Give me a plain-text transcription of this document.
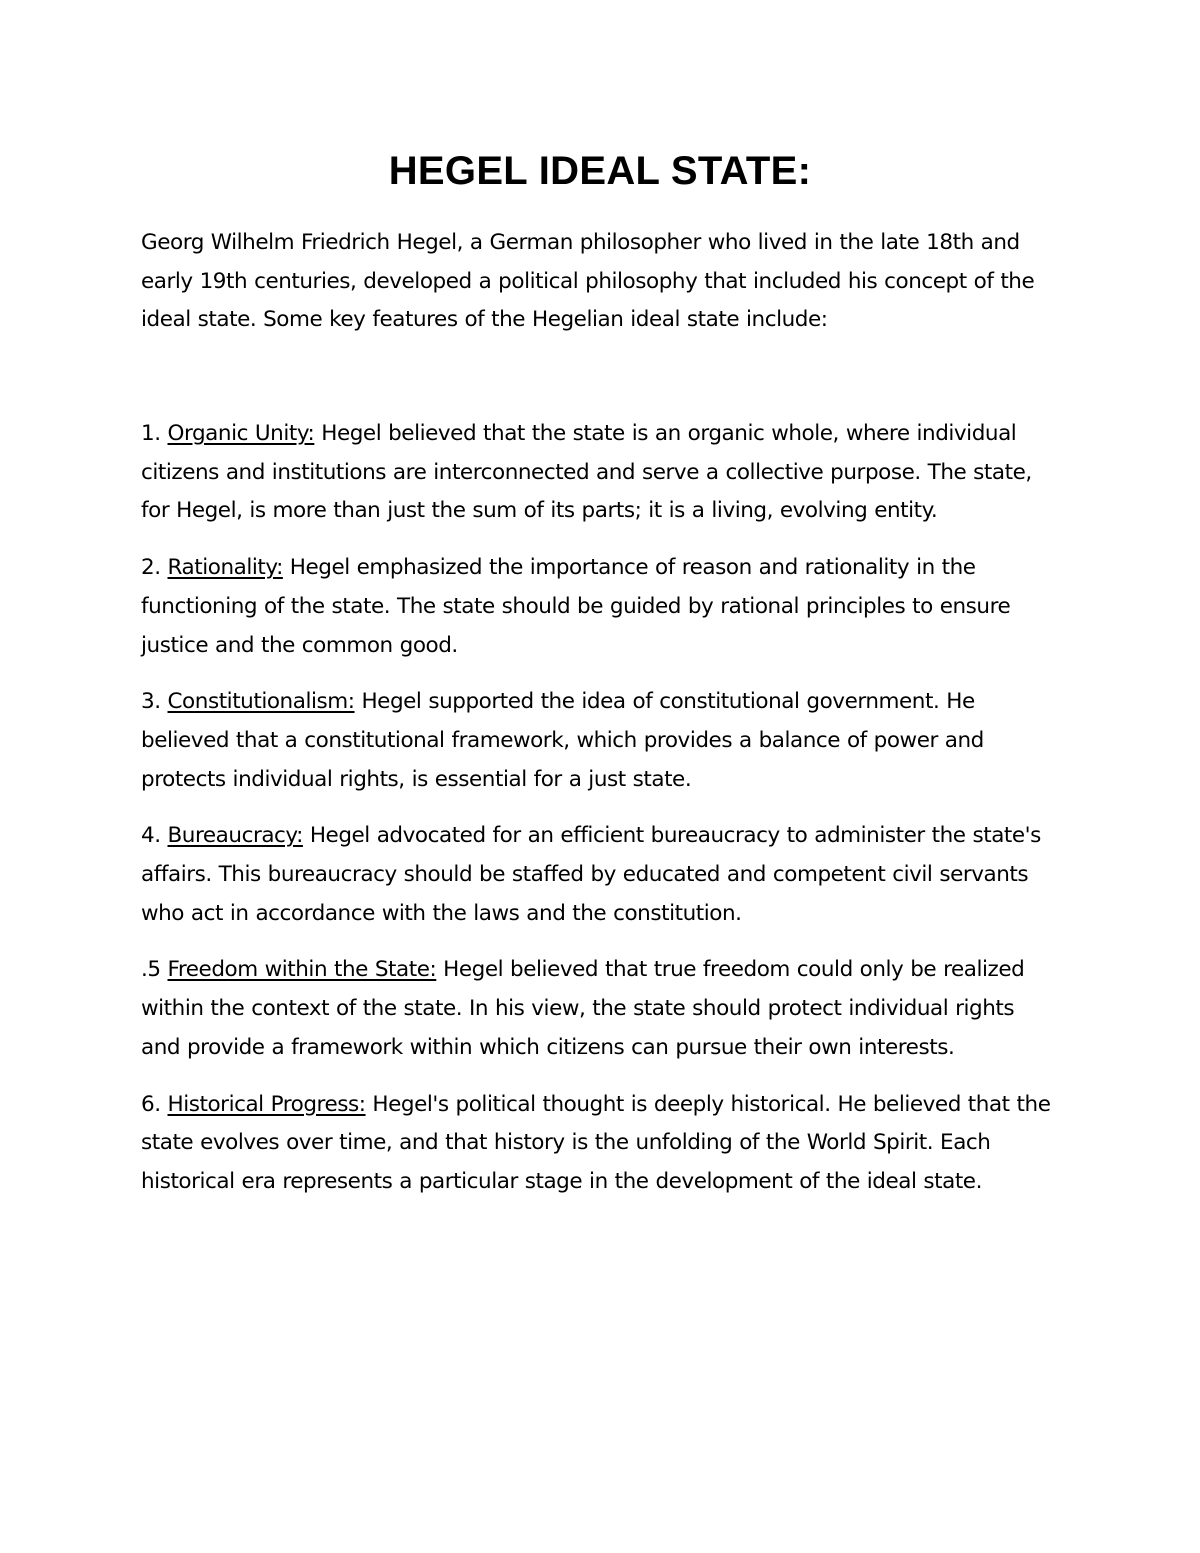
HEGEL IDEAL STATE:

Georg Wilhelm Friedrich Hegel, a German philosopher who lived in the late 18th and early 19th centuries, developed a political philosophy that included his concept of the ideal state. Some key features of the Hegelian ideal state include:

1. Organic Unity: Hegel believed that the state is an organic whole, where individual citizens and institutions are interconnected and serve a collective purpose. The state, for Hegel, is more than just the sum of its parts; it is a living, evolving entity.

2. Rationality: Hegel emphasized the importance of reason and rationality in the functioning of the state. The state should be guided by rational principles to ensure justice and the common good.

3. Constitutionalism: Hegel supported the idea of constitutional government. He believed that a constitutional framework, which provides a balance of power and protects individual rights, is essential for a just state.

4. Bureaucracy: Hegel advocated for an efficient bureaucracy to administer the state's affairs. This bureaucracy should be staffed by educated and competent civil servants who act in accordance with the laws and the constitution.

.5 Freedom within the State: Hegel believed that true freedom could only be realized within the context of the state. In his view, the state should protect individual rights and provide a framework within which citizens can pursue their own interests.

6. Historical Progress: Hegel's political thought is deeply historical. He believed that the state evolves over time, and that history is the unfolding of the World Spirit. Each historical era represents a particular stage in the development of the ideal state.
